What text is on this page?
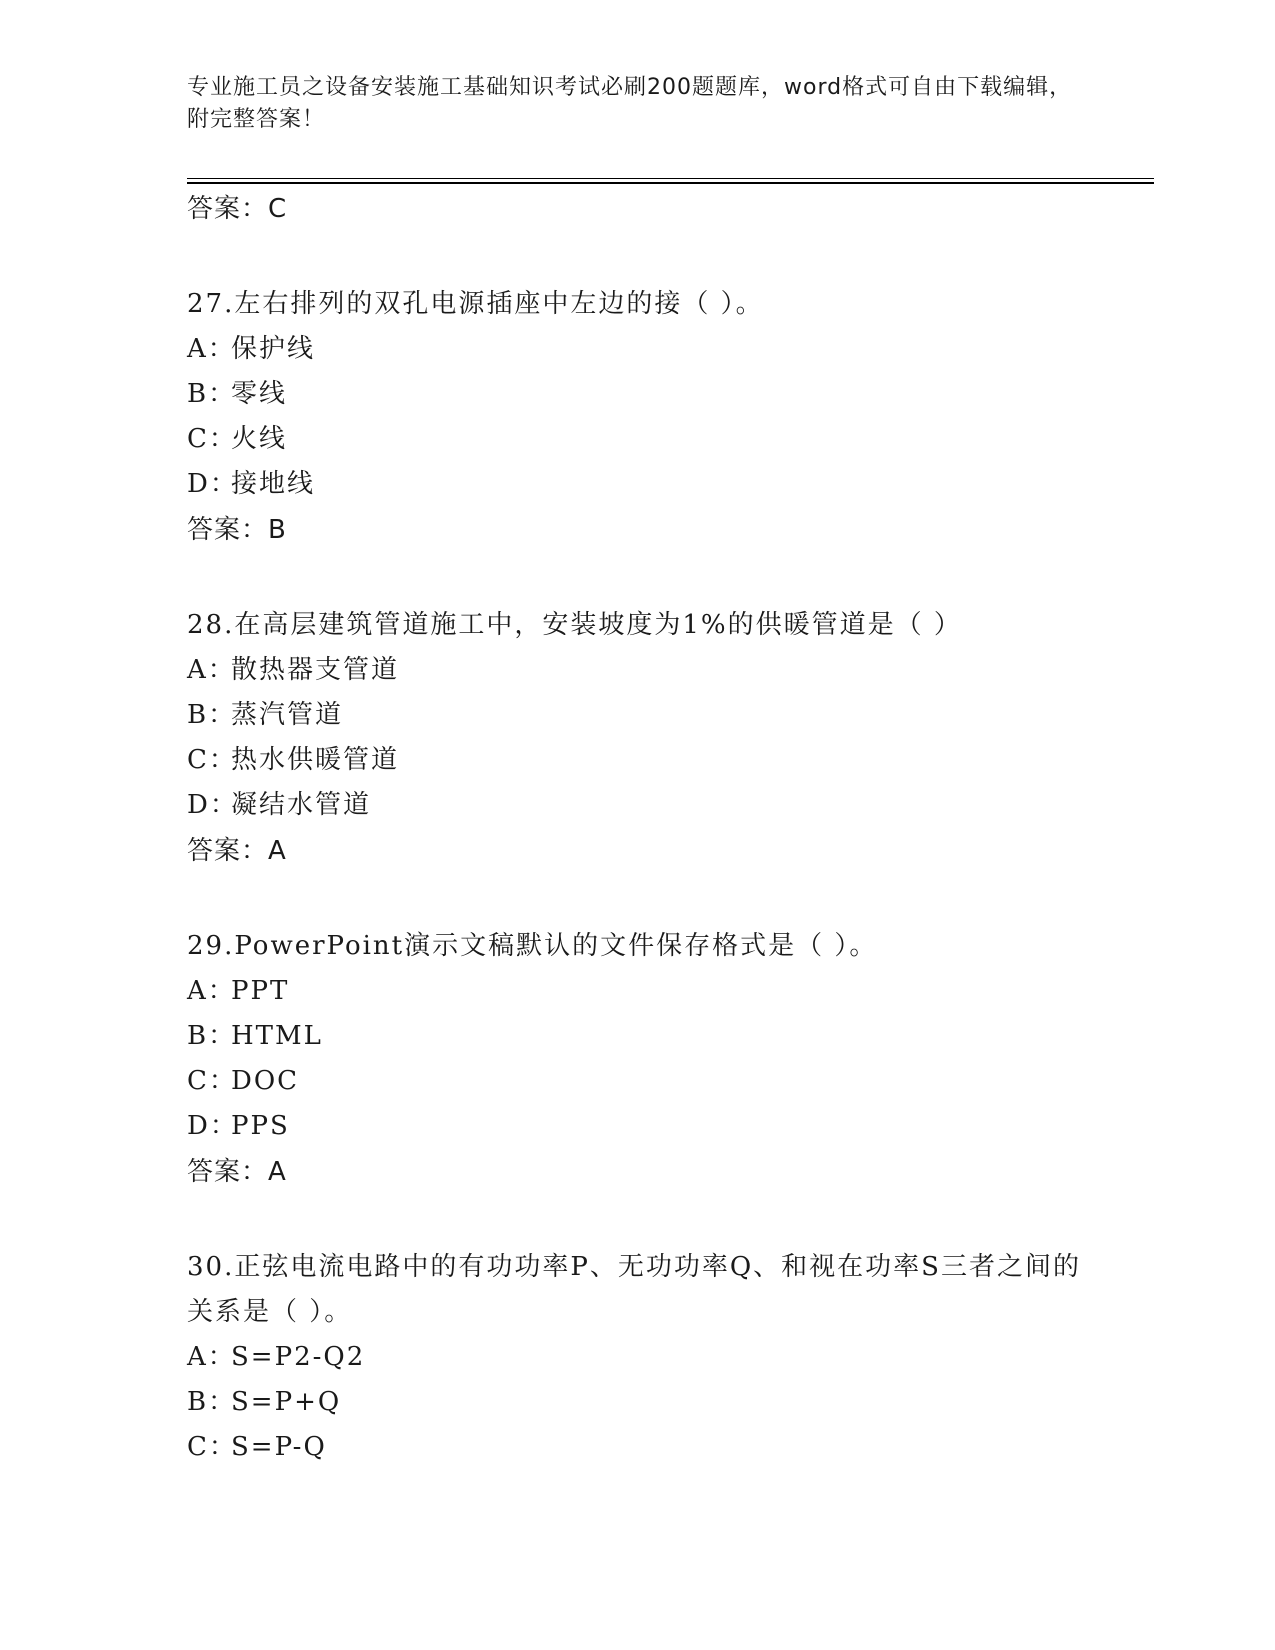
专业施工员之设备安装施工基础知识考试必刷200题题库，word格式可自由下载编辑，附完整答案！
答案：C
27.左右排列的双孔电源插座中左边的接（ ）。
A：保护线
B：零线
C：火线
D：接地线
答案：B
28.在高层建筑管道施工中，安装坡度为1%的供暖管道是（ ）
A：散热器支管道
B：蒸汽管道
C：热水供暖管道
D：凝结水管道
答案：A
29.PowerPoint演示文稿默认的文件保存格式是（ ）。
A：PPT
B：HTML
C：DOC
D：PPS
答案：A
30.正弦电流电路中的有功功率P、无功功率Q、和视在功率S三者之间的关系是（ ）。
A：S=P2-Q2
B：S=P+Q
C：S=P-Q
